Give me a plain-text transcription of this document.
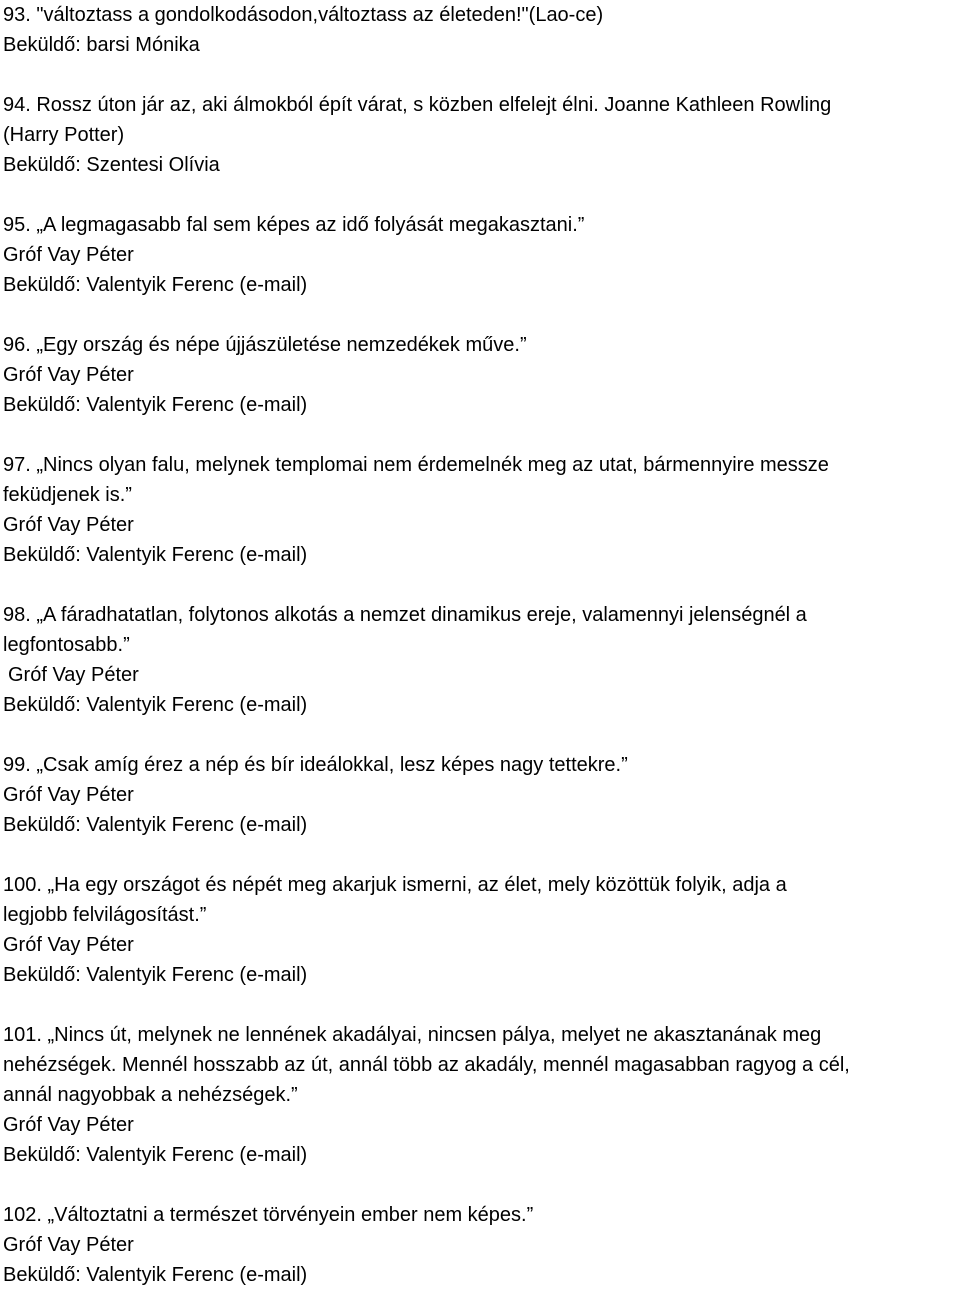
93. "változtass a gondolkodásodon,változtass az életeden!"(Lao-ce)
Beküldő: barsi Mónika
94. Rossz úton jár az, aki álmokból épít várat, s közben elfelejt élni. Joanne Kathleen Rowling
(Harry Potter)
Beküldő: Szentesi Olívia
95. „A legmagasabb fal sem képes az idő folyását megakasztani.”
Gróf Vay Péter
Beküldő: Valentyik Ferenc (e-mail)
96. „Egy ország és népe újjászületése nemzedékek műve.”
Gróf Vay Péter
Beküldő: Valentyik Ferenc (e-mail)
97. „Nincs olyan falu, melynek templomai nem érdemelnék meg az utat, bármennyire messze
feküdjenek is.”
Gróf Vay Péter
Beküldő: Valentyik Ferenc (e-mail)
98. „A fáradhatatlan, folytonos alkotás a nemzet dinamikus ereje, valamennyi jelenségnél a
legfontosabb.”
Gróf Vay Péter
Beküldő: Valentyik Ferenc (e-mail)
99. „Csak amíg érez a nép és bír ideálokkal, lesz képes nagy tettekre.”
Gróf Vay Péter
Beküldő: Valentyik Ferenc (e-mail)
100. „Ha egy országot és népét meg akarjuk ismerni, az élet, mely közöttük folyik, adja a
legjobb felvilágosítást.”
Gróf Vay Péter
Beküldő: Valentyik Ferenc (e-mail)
101. „Nincs út, melynek ne lennének akadályai, nincsen pálya, melyet ne akasztanának meg
nehézségek. Mennél hosszabb az út, annál több az akadály, mennél magasabban ragyog a cél,
annál nagyobbak a nehézségek.”
Gróf Vay Péter
Beküldő: Valentyik Ferenc (e-mail)
102. „Változtatni a természet törvényein ember nem képes.”
Gróf Vay Péter
Beküldő: Valentyik Ferenc (e-mail)
